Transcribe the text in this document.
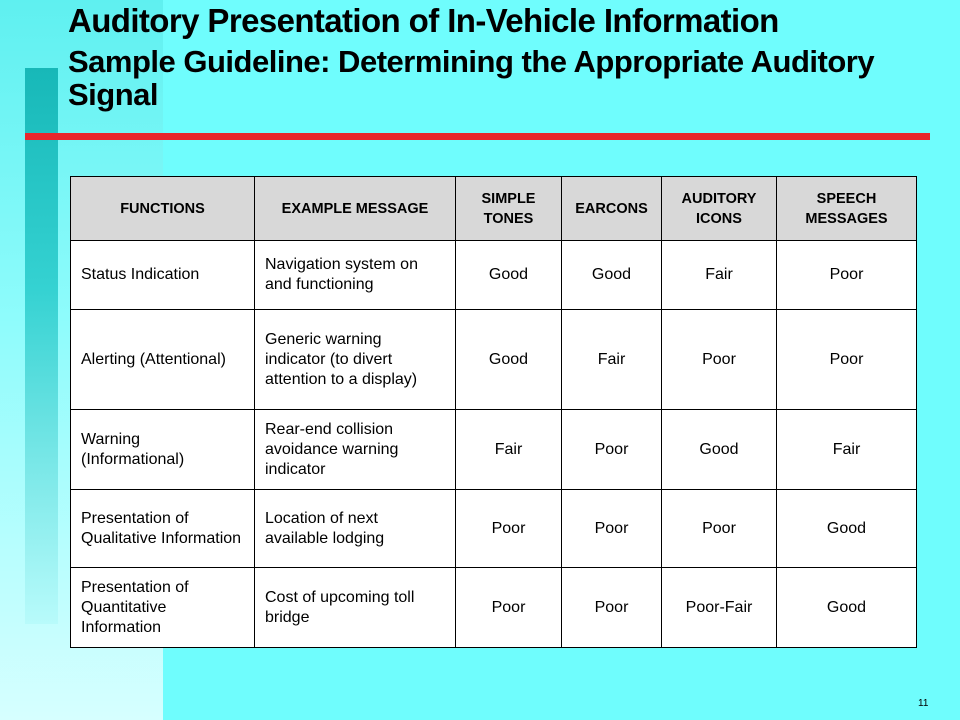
Auditory Presentation of In-Vehicle Information
Sample Guideline: Determining the Appropriate Auditory Signal
FUNCTIONS	EXAMPLE MESSAGE	SIMPLE TONES	EARCONS	AUDITORY ICONS	SPEECH MESSAGES
Status Indication	Navigation system on and functioning	Good	Good	Fair	Poor
Alerting (Attentional)	Generic warning indicator (to divert attention to a display)	Good	Fair	Poor	Poor
Warning (Informational)	Rear-end collision avoidance warning indicator	Fair	Poor	Good	Fair
Presentation of Qualitative Information	Location of next available lodging	Poor	Poor	Poor	Good
Presentation of Quantitative Information	Cost of upcoming toll bridge	Poor	Poor	Poor-Fair	Good
11
